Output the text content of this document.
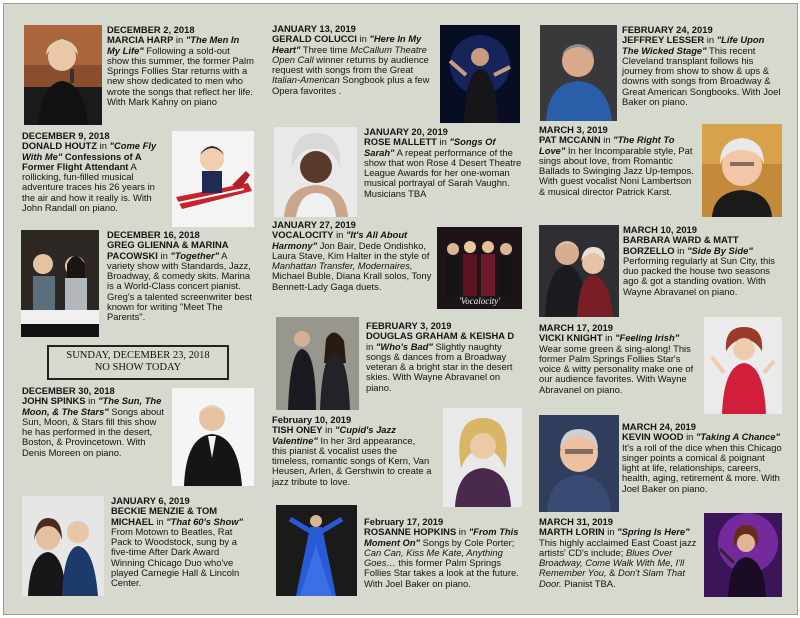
DECEMBER 2, 2018
MARCIA HARP in "The Men In My Life" Following a sold-out show this summer, the former Palm Springs Follies Star returns with a new show dedicated to men who wrote the songs that reflect her life. With Mark Kahny on piano

DECEMBER 9, 2018
DONALD HOUTZ in "Come Fly With Me" Confessions of A Former Flight Attendant A rollicking, fun-filled musical adventure traces his 26 years in the air and how it really is. With John Randall on piano.

DECEMBER 16, 2018
GREG GLIENNA & MARINA PACOWSKI in "Together" A variety show with Standards, Jazz, Broadway, & comedy skits. Marina is a World-Class concert pianist. Greg's a talented screenwriter best known for writing "Meet The Parents".

SUNDAY, DECEMBER 23, 2018
NO SHOW TODAY

DECEMBER 30, 2018
JOHN SPINKS in "The Sun, The Moon, & The Stars" Songs about Sun, Moon, & Stars fill this show he has performed in the desert, Boston, & Provincetown. With Denis Moreen on piano.

JANUARY 6, 2019
BECKIE MENZIE & TOM MICHAEL in "That 60's Show" From Motown to Beatles, Rat Pack to Woodstock, sung by a five-time After Dark Award Winning Chicago Duo who've played Carnegie Hall & Lincoln Center.

JANUARY 13, 2019
GERALD COLUCCI in "Here In My Heart" Three time McCallum Theatre Open Call winner returns by audience request with songs from the Great Italian-American Songbook plus a few Opera favorites .

JANUARY 20, 2019
ROSE MALLETT in "Songs Of Sarah" A repeat performance of the show that won Rose 4 Desert Theatre League Awards for her one-woman musical portrayal of Sarah Vaughn. Musicians TBA

JANUARY 27, 2019
VOCALOCITY in "It's All About Harmony" Jon Bair, Dede Ondishko, Laura Stave, Kim Halter in the style of Manhattan Transfer, Modernaires, Michael Buble, Diana Krall solos, Tony Bennett-Lady Gaga duets.

'Vocalocity'

FEBRUARY 3, 2019
DOUGLAS GRAHAM & KEISHA D in "Who's Bad" Slightly naughty songs & dances from a Broadway veteran & a bright star in the desert skies. With Wayne Abravanel on piano.

February 10, 2019
TISH ONEY in "Cupid's Jazz Valentine" In her 3rd appearance, this pianist & vocalist uses the timeless, romantic songs of Kern, Van Heusen, Arlen, & Gershwin to create a jazz tribute to love.

February 17, 2019
ROSANNE HOPKINS in "From This Moment On" Songs by Cole Porter; Can Can, Kiss Me Kate, Anything Goes… this former Palm Springs Follies Star takes a look at the future. With Joel Baker on piano.

FEBRUARY 24, 2019
JEFFREY LESSER in "Life Upon The Wicked Stage" This recent Cleveland transplant follows his journey from show to show & ups & downs with songs from Broadway & Great American Songbooks. With Joel Baker on piano.

MARCH 3, 2019
PAT MCCANN in "The Right To Love" In her Incomparable style, Pat sings about love, from Romantic Ballads to Swinging Jazz Up-tempos. With guest vocalist Noni Lambertson & musical director Patrick Karst.

MARCH 10, 2019
BARBARA WARD & MATT BORZELLO in "Side By Side" Performing regularly at Sun City, this duo packed the house two seasons ago & got a standing ovation. With Wayne Abravanel on piano.

MARCH 17, 2019
VICKI KNIGHT in "Feeling Irish" Wear some green & sing-along! This former Palm Springs Follies Star's voice & witty personality make one of our audience favorites. With Wayne Abravanel on piano.

MARCH 24, 2019
KEVIN WOOD in "Taking A Chance" It's a roll of the dice when this Chicago singer points a comical & poignant light at life, relationships, careers, health, aging, retirement & more. With Joel Baker on piano.

MARCH 31, 2019
MARTH LORIN in "Spring Is Here" This highly acclaimed East Coast jazz artists' CD's include; Blues Over Broadway, Come Walk With Me, I'll Remember You, & Don't Slam That Door. Pianist TBA.
